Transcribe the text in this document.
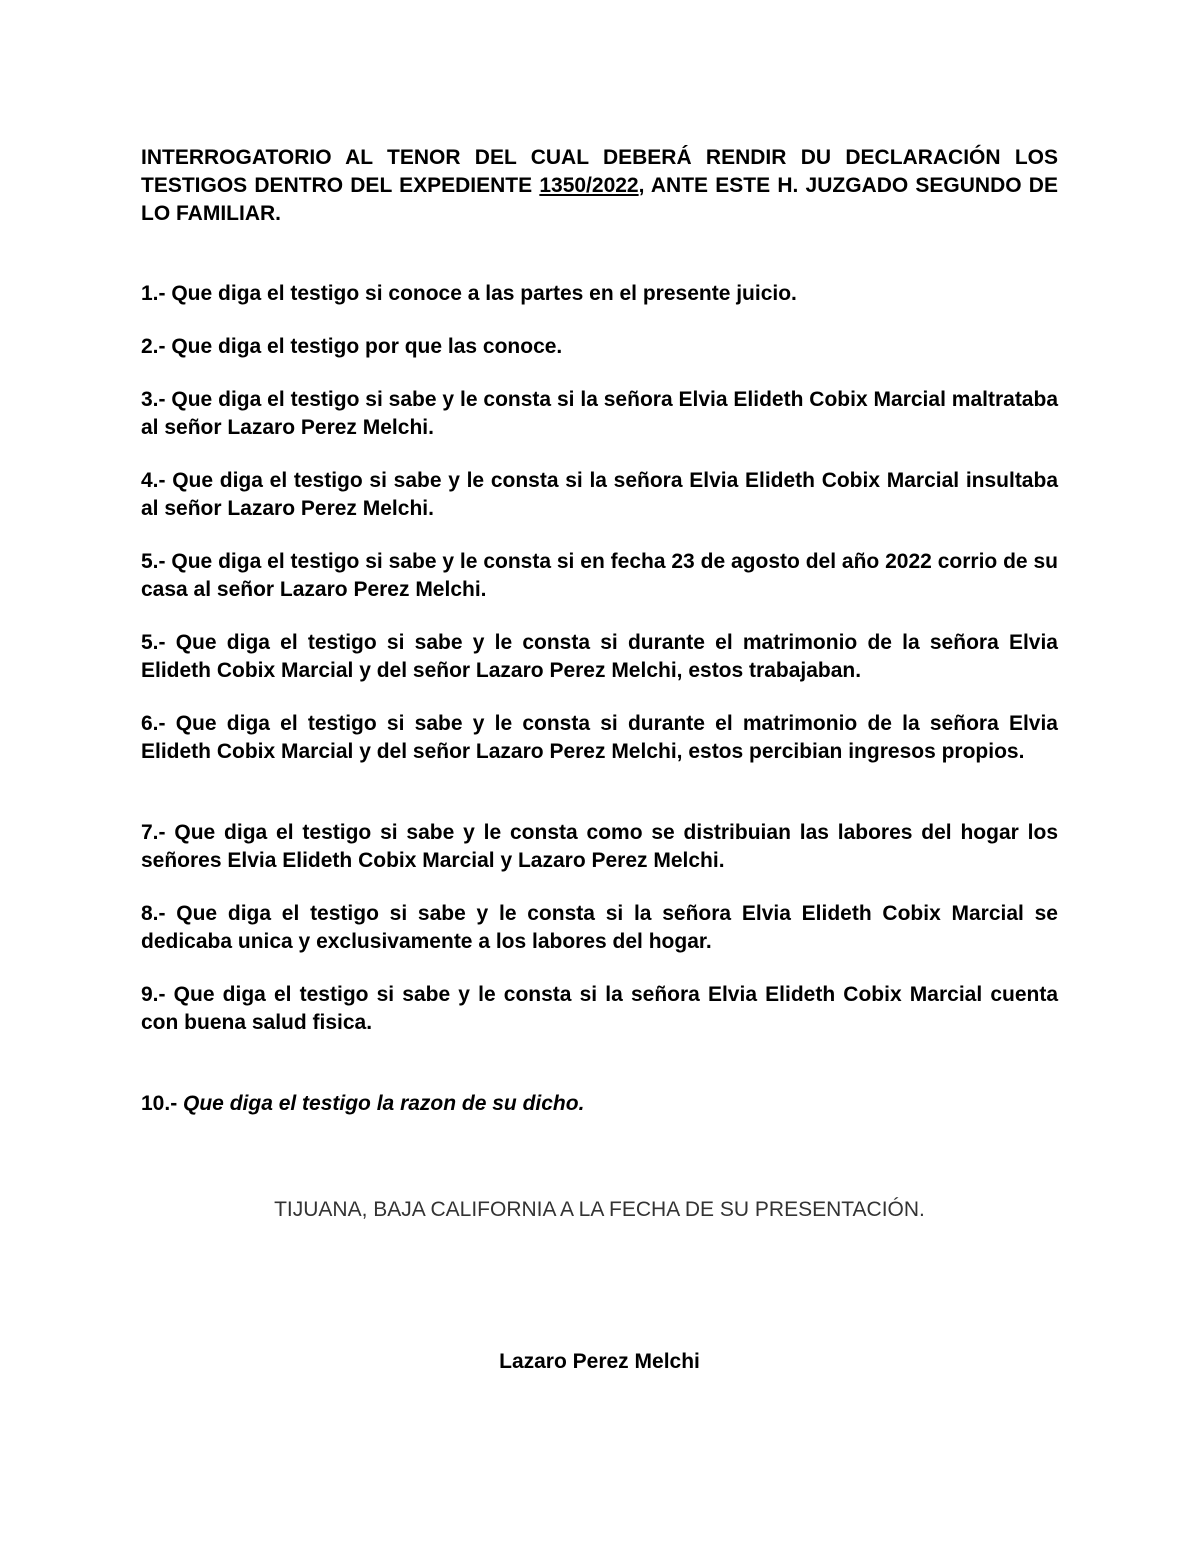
INTERROGATORIO AL TENOR DEL CUAL DEBERÁ RENDIR DU DECLARACIÓN LOS TESTIGOS DENTRO DEL EXPEDIENTE 1350/2022, ANTE ESTE H. JUZGADO SEGUNDO DE LO FAMILIAR.

1.- Que diga el testigo si conoce a las partes en el presente juicio.

2.- Que diga el testigo por que las conoce.

3.- Que diga el testigo si sabe y le consta si la señora Elvia Elideth Cobix Marcial maltrataba al señor Lazaro Perez Melchi.

4.- Que diga el testigo si sabe y le consta si la señora Elvia Elideth Cobix Marcial insultaba al señor Lazaro Perez Melchi.

5.- Que diga el testigo si sabe y le consta si en fecha 23 de agosto del año 2022 corrio de su casa al señor Lazaro Perez Melchi.

5.- Que diga el testigo si sabe y le consta si durante el matrimonio de la señora Elvia Elideth Cobix Marcial y del señor Lazaro Perez Melchi, estos trabajaban.

6.- Que diga el testigo si sabe y le consta si durante el matrimonio de la señora Elvia Elideth Cobix Marcial y del señor Lazaro Perez Melchi, estos percibian ingresos propios.

7.- Que diga el testigo si sabe y le consta como se distribuian las labores del hogar los señores Elvia Elideth Cobix Marcial y Lazaro Perez Melchi.

8.- Que diga el testigo si sabe y le consta si la señora Elvia Elideth Cobix Marcial se dedicaba unica y exclusivamente a los labores del hogar.

9.- Que diga el testigo si sabe y le consta si la señora Elvia Elideth Cobix Marcial cuenta con buena salud fisica.

10.- Que diga el testigo la razon de su dicho.

TIJUANA, BAJA CALIFORNIA A LA FECHA DE SU PRESENTACIÓN.

Lazaro Perez Melchi
